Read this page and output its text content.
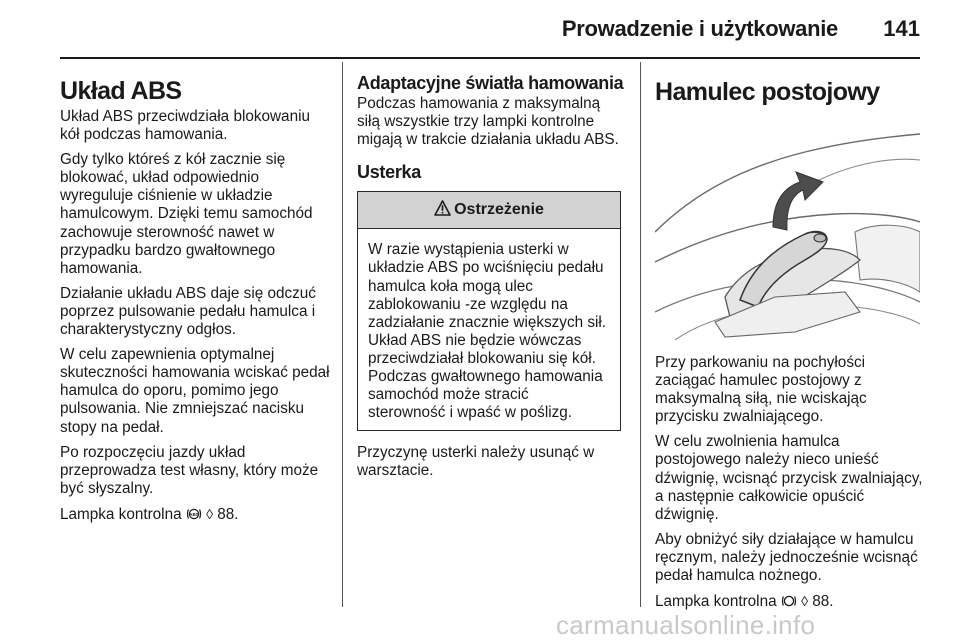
Prowadzenie i użytkowanie 141
Układ ABS

Układ ABS przeciwdziała blokowaniu kół podczas hamowania.

Gdy tylko któreś z kół zacznie się blokować, układ odpowiednio wyreguluje ciśnienie w układzie hamulcowym. Dzięki temu samochód zachowuje sterowność nawet w przypadku bardzo gwałtownego hamowania.

Działanie układu ABS daje się odczuć poprzez pulsowanie pedału hamulca i charakterystyczny odgłos.

W celu zapewnienia optymalnej skuteczności hamowania wciskać pedał hamulca do oporu, pomimo jego pulsowania. Nie zmniejszać nacisku stopy na pedał.

Po rozpoczęciu jazdy układ przeprowadza test własny, który może być słyszalny.

Lampka kontrolna ABS ◊ 88.

Adaptacyjne światła hamowania

Podczas hamowania z maksymalną siłą wszystkie trzy lampki kontrolne migają w trakcie działania układu ABS.

Usterka
Ostrzeżenie
W razie wystąpienia usterki w układzie ABS po wciśnięciu pedału hamulca koła mogą ulec zablokowaniu -ze względu na zadziałanie znacznie większych sił. Układ ABS nie będzie wówczas przeciwdziałał blokowaniu się kół. Podczas gwałtownego hamowania samochód może stracić sterowność i wpaść w poślizg.

Przyczynę usterki należy usunąć w warsztacie.

Hamulec postojowy

Przy parkowaniu na pochyłości zaciągać hamulec postojowy z maksymalną siłą, nie wciskając przycisku zwalniającego.

W celu zwolnienia hamulca postojowego należy nieco unieść dźwignię, wcisnąć przycisk zwalniający, a następnie całkowicie opuścić dźwignię.

Aby obniżyć siły działające w hamulcu ręcznym, należy jednocześnie wcisnąć pedał hamulca nożnego.

Lampka kontrolna ◊ 88.

carmanualsonline.info
